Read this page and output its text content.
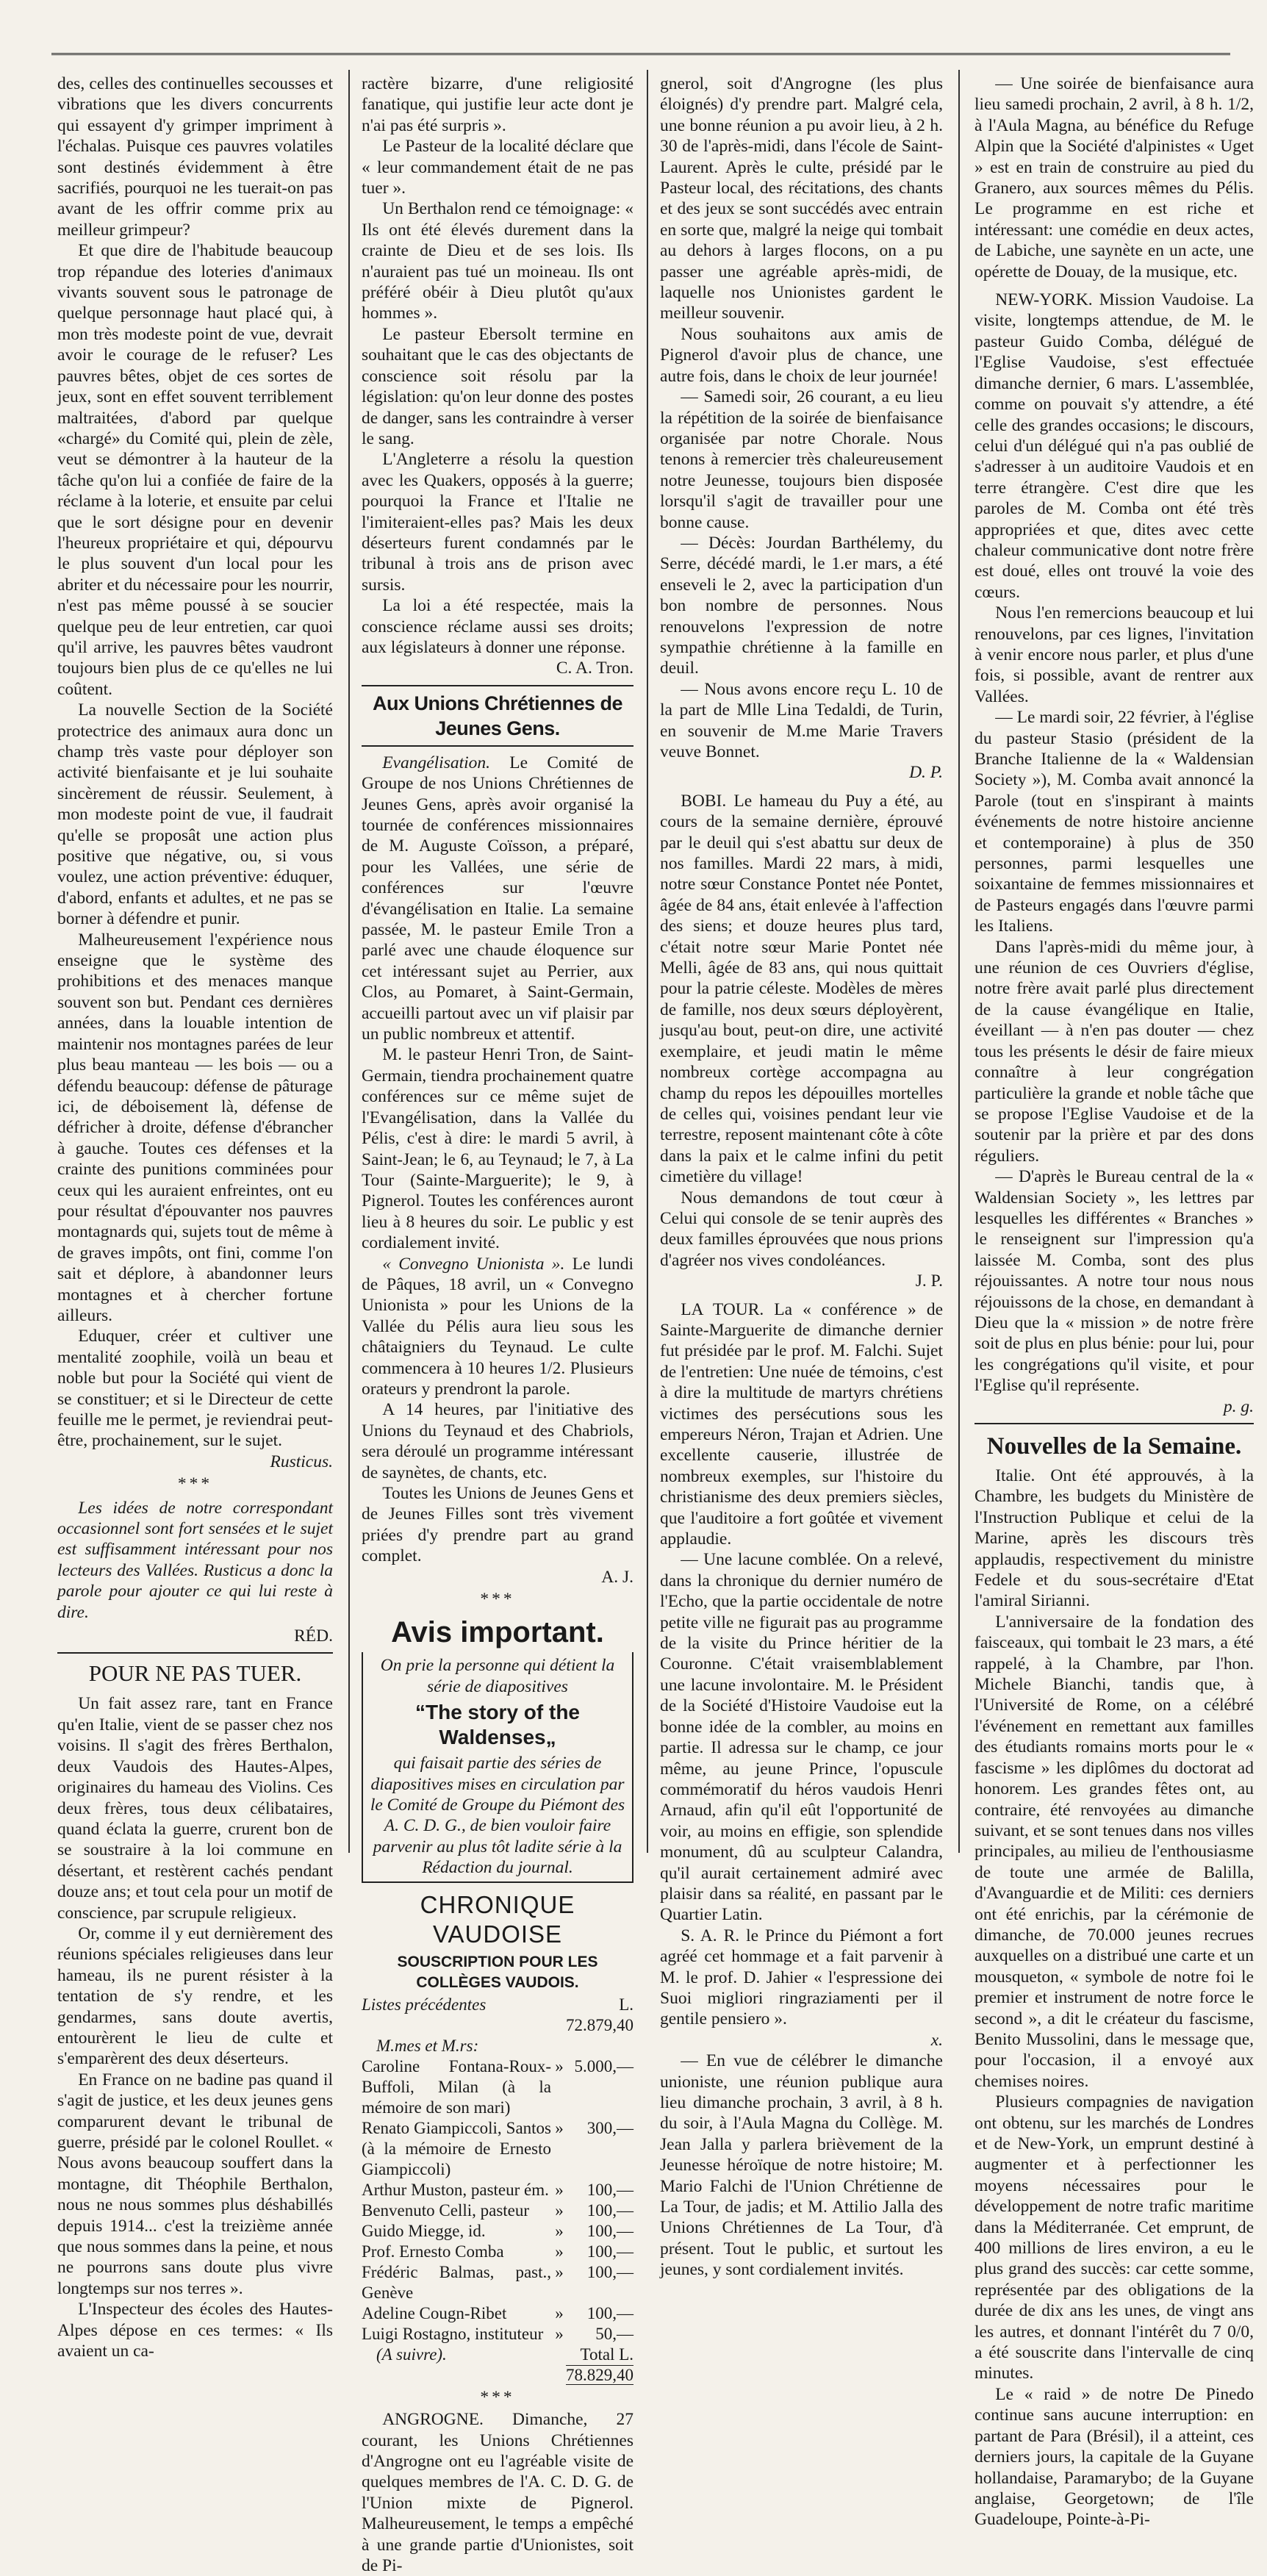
des, celles des continuelles secousses et vibrations que les divers concurrents qui essayent d'y grimper impriment à l'échalas. Puisque ces pauvres volatiles sont destinés évidemment à être sacrifiés, pourquoi ne les tuerait-on pas avant de les offrir comme prix au meilleur grimpeur?

Et que dire de l'habitude beaucoup trop répandue des loteries d'animaux vivants souvent sous le patronage de quelque personnage haut placé qui, à mon très modeste point de vue, devrait avoir le courage de le refuser? Les pauvres bêtes, objet de ces sortes de jeux, sont en effet souvent terriblement maltraitées, d'abord par quelque «chargé» du Comité qui, plein de zèle, veut se démontrer à la hauteur de la tâche qu'on lui a confiée de faire de la réclame à la loterie, et ensuite par celui que le sort désigne pour en devenir l'heureux propriétaire et qui, dépourvu le plus souvent d'un local pour les abriter et du nécessaire pour les nourrir, n'est pas même poussé à se soucier quelque peu de leur entretien, car quoi qu'il arrive, les pauvres bêtes vaudront toujours bien plus de ce qu'elles ne lui coûtent.

La nouvelle Section de la Société protectrice des animaux aura donc un champ très vaste pour déployer son activité bienfaisante et je lui souhaite sincèrement de réussir. Seulement, à mon modeste point de vue, il faudrait qu'elle se proposât une action plus positive que négative, ou, si vous voulez, une action préventive: éduquer, d'abord, enfants et adultes, et ne pas se borner à défendre et punir.

Malheureusement l'expérience nous enseigne que le système des prohibitions et des menaces manque souvent son but. Pendant ces dernières années, dans la louable intention de maintenir nos montagnes parées de leur plus beau manteau — les bois — ou a défendu beaucoup: défense de pâturage ici, de déboisement là, défense de défricher à droite, défense d'ébrancher à gauche. Toutes ces défenses et la crainte des punitions comminées pour ceux qui les auraient enfreintes, ont eu pour résultat d'épouvanter nos pauvres montagnards qui, sujets tout de même à de graves impôts, ont fini, comme l'on sait et déplore, à abandonner leurs montagnes et à chercher fortune ailleurs.

Eduquer, créer et cultiver une mentalité zoophile, voilà un beau et noble but pour la Société qui vient de se constituer; et si le Directeur de cette feuille me le permet, je reviendrai peut-être, prochainement, sur le sujet.

Rusticus.
***
Les idées de notre correspondant occasionnel sont fort sensées et le sujet est suffisamment intéressant pour nos lecteurs des Vallées. Rusticus a donc la parole pour ajouter ce qui lui reste à dire.
RÉD.
POUR NE PAS TUER.

Un fait assez rare, tant en France qu'en Italie, vient de se passer chez nos voisins. Il s'agit des frères Berthalon, deux Vaudois des Hautes-Alpes, originaires du hameau des Violins. Ces deux frères, tous deux célibataires, quand éclata la guerre, crurent bon de se soustraire à la loi commune en désertant, et restèrent cachés pendant douze ans; et tout cela pour un motif de conscience, par scrupule religieux.

Or, comme il y eut dernièrement des réunions spéciales religieuses dans leur hameau, ils ne purent résister à la tentation de s'y rendre, et les gendarmes, sans doute avertis, entourèrent le lieu de culte et s'emparèrent des deux déserteurs.

En France on ne badine pas quand il s'agit de justice, et les deux jeunes gens comparurent devant le tribunal de guerre, présidé par le colonel Roullet. « Nous avons beaucoup souffert dans la montagne, dit Théophile Berthalon, nous ne nous sommes plus déshabillés depuis 1914... c'est la treizième année que nous sommes dans la peine, et nous ne pourrons sans doute plus vivre longtemps sur nos terres ».

L'Inspecteur des écoles des Hautes-Alpes dépose en ces termes: « Ils avaient un ca-

ractère bizarre, d'une religiosité fanatique, qui justifie leur acte dont je n'ai pas été surpris ».

Le Pasteur de la localité déclare que « leur commandement était de ne pas tuer ».

Un Berthalon rend ce témoignage: « Ils ont été élevés durement dans la crainte de Dieu et de ses lois. Ils n'auraient pas tué un moineau. Ils ont préféré obéir à Dieu plutôt qu'aux hommes ».

Le pasteur Ebersolt termine en souhaitant que le cas des objectants de conscience soit résolu par la législation: qu'on leur donne des postes de danger, sans les contraindre à verser le sang.

L'Angleterre a résolu la question avec les Quakers, opposés à la guerre; pourquoi la France et l'Italie ne l'imiteraient-elles pas? Mais les deux déserteurs furent condamnés par le tribunal à trois ans de prison avec sursis.

La loi a été respectée, mais la conscience réclame aussi ses droits; aux législateurs à donner une réponse.

C. A. Tron.
Aux Unions Chrétiennes de Jeunes Gens.

Evangélisation. Le Comité de Groupe de nos Unions Chrétiennes de Jeunes Gens, après avoir organisé la tournée de conférences missionnaires de M. Auguste Coïsson, a préparé, pour les Vallées, une série de conférences sur l'œuvre d'évangélisation en Italie. La semaine passée, M. le pasteur Emile Tron a parlé avec une chaude éloquence sur cet intéressant sujet au Perrier, aux Clos, au Pomaret, à Saint-Germain, accueilli partout avec un vif plaisir par un public nombreux et attentif.

M. le pasteur Henri Tron, de Saint-Germain, tiendra prochainement quatre conférences sur ce même sujet de l'Evangélisation, dans la Vallée du Pélis, c'est à dire: le mardi 5 avril, à Saint-Jean; le 6, au Teynaud; le 7, à La Tour (Sainte-Marguerite); le 9, à Pignerol. Toutes les conférences auront lieu à 8 heures du soir. Le public y est cordialement invité.

« Convegno Unionista ». Le lundi de Pâques, 18 avril, un « Convegno Unionista » pour les Unions de la Vallée du Pélis aura lieu sous les châtaigniers du Teynaud. Le culte commencera à 10 heures 1/2. Plusieurs orateurs y prendront la parole.

A 14 heures, par l'initiative des Unions du Teynaud et des Chabriols, sera déroulé un programme intéressant de saynètes, de chants, etc.

Toutes les Unions de Jeunes Gens et de Jeunes Filles sont très vivement priées d'y prendre part au grand complet.

A. J.
***
Avis important.
On prie la personne qui détient la série de diapositives
“The story of the Waldenses„
qui faisait partie des séries de diapositives mises en circulation par le Comité de Groupe du Piémont des A. C. D. G., de bien vouloir faire parvenir au plus tôt ladite série à la Rédaction du journal.
CHRONIQUE VAUDOISE
SOUSCRIPTION POUR LES COLLÈGES VAUDOIS.
Listes précédentes	L. 72.879,40	
M.mes et M.rs:		
Caroline Fontana-Roux-Buffoli, Milan (à la mémoire de son mari)	»	5.000,—
Renato Giampiccoli, Santos (à la mémoire de Ernesto Giampiccoli)	»	300,—
Arthur Muston, pasteur ém.	»	100,—
Benvenuto Celli, pasteur	»	100,—
Guido Miegge, id.	»	100,—
Prof. Ernesto Comba	»	100,—
Frédéric Balmas, past., Genève	»	100,—
Adeline Cougn-Ribet	»	100,—
Luigi Rostagno, instituteur	»	50,—
(A suivre).	Total L. 78.829,40	
***

ANGROGNE. Dimanche, 27 courant, les Unions Chrétiennes d'Angrogne ont eu l'agréable visite de quelques membres de l'A. C. D. G. de l'Union mixte de Pignerol. Malheureusement, le temps a empêché à une grande partie d'Unionistes, soit de Pi-

gnerol, soit d'Angrogne (les plus éloignés) d'y prendre part. Malgré cela, une bonne réunion a pu avoir lieu, à 2 h. 30 de l'après-midi, dans l'école de Saint-Laurent. Après le culte, présidé par le Pasteur local, des récitations, des chants et des jeux se sont succédés avec entrain en sorte que, malgré la neige qui tombait au dehors à larges flocons, on a pu passer une agréable après-midi, de laquelle nos Unionistes gardent le meilleur souvenir.

Nous souhaitons aux amis de Pignerol d'avoir plus de chance, une autre fois, dans le choix de leur journée!

— Samedi soir, 26 courant, a eu lieu la répétition de la soirée de bienfaisance organisée par notre Chorale. Nous tenons à remercier très chaleureusement notre Jeunesse, toujours bien disposée lorsqu'il s'agit de travailler pour une bonne cause.

— Décès: Jourdan Barthélemy, du Serre, décédé mardi, le 1.er mars, a été enseveli le 2, avec la participation d'un bon nombre de personnes. Nous renouvelons l'expression de notre sympathie chrétienne à la famille en deuil.

— Nous avons encore reçu L. 10 de la part de Mlle Lina Tedaldi, de Turin, en souvenir de M.me Marie Travers veuve Bonnet.

D. P.

BOBI. Le hameau du Puy a été, au cours de la semaine dernière, éprouvé par le deuil qui s'est abattu sur deux de nos familles. Mardi 22 mars, à midi, notre sœur Constance Pontet née Pontet, âgée de 84 ans, était enlevée à l'affection des siens; et douze heures plus tard, c'était notre sœur Marie Pontet née Melli, âgée de 83 ans, qui nous quittait pour la patrie céleste. Modèles de mères de famille, nos deux sœurs déployèrent, jusqu'au bout, peut-on dire, une activité exemplaire, et jeudi matin le même nombreux cortège accompagna au champ du repos les dépouilles mortelles de celles qui, voisines pendant leur vie terrestre, reposent maintenant côte à côte dans la paix et le calme infini du petit cimetière du village!

Nous demandons de tout cœur à Celui qui console de se tenir auprès des deux familles éprouvées que nous prions d'agréer nos vives condoléances.

J. P.

LA TOUR. La « conférence » de Sainte-Marguerite de dimanche dernier fut présidée par le prof. M. Falchi. Sujet de l'entretien: Une nuée de témoins, c'est à dire la multitude de martyrs chrétiens victimes des persécutions sous les empereurs Néron, Trajan et Adrien. Une excellente causerie, illustrée de nombreux exemples, sur l'histoire du christianisme des deux premiers siècles, que l'auditoire a fort goûtée et vivement applaudie.

— Une lacune comblée. On a relevé, dans la chronique du dernier numéro de l'Echo, que la partie occidentale de notre petite ville ne figurait pas au programme de la visite du Prince héritier de la Couronne. C'était vraisemblablement une lacune involontaire. M. le Président de la Société d'Histoire Vaudoise eut la bonne idée de la combler, au moins en partie. Il adressa sur le champ, ce jour même, au jeune Prince, l'opuscule commémoratif du héros vaudois Henri Arnaud, afin qu'il eût l'opportunité de voir, au moins en effigie, son splendide monument, dû au sculpteur Calandra, qu'il aurait certainement admiré avec plaisir dans sa réalité, en passant par le Quartier Latin.

S. A. R. le Prince du Piémont a fort agréé cet hommage et a fait parvenir à M. le prof. D. Jahier « l'espressione dei Suoi migliori ringraziamenti per il gentile pensiero ».

x.

— En vue de célébrer le dimanche unioniste, une réunion publique aura lieu dimanche prochain, 3 avril, à 8 h. du soir, à l'Aula Magna du Collège. M. Jean Jalla y parlera brièvement de la Jeunesse héroïque de notre histoire; M. Mario Falchi de l'Union Chrétienne de La Tour, de jadis; et M. Attilio Jalla des Unions Chrétiennes de La Tour, d'à présent. Tout le public, et surtout les jeunes, y sont cordialement invités.

— Une soirée de bienfaisance aura lieu samedi prochain, 2 avril, à 8 h. 1/2, à l'Aula Magna, au bénéfice du Refuge Alpin que la Société d'alpinistes « Uget » est en train de construire au pied du Granero, aux sources mêmes du Pélis. Le programme en est riche et intéressant: une comédie en deux actes, de Labiche, une saynète en un acte, une opérette de Douay, de la musique, etc.

NEW-YORK. Mission Vaudoise. La visite, longtemps attendue, de M. le pasteur Guido Comba, délégué de l'Eglise Vaudoise, s'est effectuée dimanche dernier, 6 mars. L'assemblée, comme on pouvait s'y attendre, a été celle des grandes occasions; le discours, celui d'un délégué qui n'a pas oublié de s'adresser à un auditoire Vaudois et en terre étrangère. C'est dire que les paroles de M. Comba ont été très appropriées et que, dites avec cette chaleur communicative dont notre frère est doué, elles ont trouvé la voie des cœurs.

Nous l'en remercions beaucoup et lui renouvelons, par ces lignes, l'invitation à venir encore nous parler, et plus d'une fois, si possible, avant de rentrer aux Vallées.

— Le mardi soir, 22 février, à l'église du pasteur Stasio (président de la Branche Italienne de la « Waldensian Society »), M. Comba avait annoncé la Parole (tout en s'inspirant à maints événements de notre histoire ancienne et contemporaine) à plus de 350 personnes, parmi lesquelles une soixantaine de femmes missionnaires et de Pasteurs engagés dans l'œuvre parmi les Italiens.

Dans l'après-midi du même jour, à une réunion de ces Ouvriers d'église, notre frère avait parlé plus directement de la cause évangélique en Italie, éveillant — à n'en pas douter — chez tous les présents le désir de faire mieux connaître à leur congrégation particulière la grande et noble tâche que se propose l'Eglise Vaudoise et de la soutenir par la prière et par des dons réguliers.

— D'après le Bureau central de la « Waldensian Society », les lettres par lesquelles les différentes « Branches » le renseignent sur l'impression qu'a laissée M. Comba, sont des plus réjouissantes. A notre tour nous nous réjouissons de la chose, en demandant à Dieu que la « mission » de notre frère soit de plus en plus bénie: pour lui, pour les congrégations qu'il visite, et pour l'Eglise qu'il représente.

p. g.
Nouvelles de la Semaine.

Italie. Ont été approuvés, à la Chambre, les budgets du Ministère de l'Instruction Publique et celui de la Marine, après les discours très applaudis, respectivement du ministre Fedele et du sous-secrétaire d'Etat l'amiral Sirianni.

L'anniversaire de la fondation des faisceaux, qui tombait le 23 mars, a été rappelé, à la Chambre, par l'hon. Michele Bianchi, tandis que, à l'Université de Rome, on a célébré l'événement en remettant aux familles des étudiants romains morts pour le « fascisme » les diplômes du doctorat ad honorem. Les grandes fêtes ont, au contraire, été renvoyées au dimanche suivant, et se sont tenues dans nos villes principales, au milieu de l'enthousiasme de toute une armée de Balilla, d'Avanguardie et de Militi: ces derniers ont été enrichis, par la cérémonie de dimanche, de 70.000 jeunes recrues auxquelles on a distribué une carte et un mousqueton, « symbole de notre foi le premier et instrument de notre force le second », a dit le créateur du fascisme, Benito Mussolini, dans le message que, pour l'occasion, il a envoyé aux chemises noires.

Plusieurs compagnies de navigation ont obtenu, sur les marchés de Londres et de New-York, un emprunt destiné à augmenter et à perfectionner les moyens nécessaires pour le développement de notre trafic maritime dans la Méditerranée. Cet emprunt, de 400 millions de lires environ, a eu le plus grand des succès: car cette somme, représentée par des obligations de la durée de dix ans les unes, de vingt ans les autres, et donnant l'intérêt du 7 0/0, a été souscrite dans l'intervalle de cinq minutes.

Le « raid » de notre De Pinedo continue sans aucune interruption: en partant de Para (Brésil), il a atteint, ces derniers jours, la capitale de la Guyane hollandaise, Paramarybo; de la Guyane anglaise, Georgetown; de l'île Guadeloupe, Pointe-à-Pi-
